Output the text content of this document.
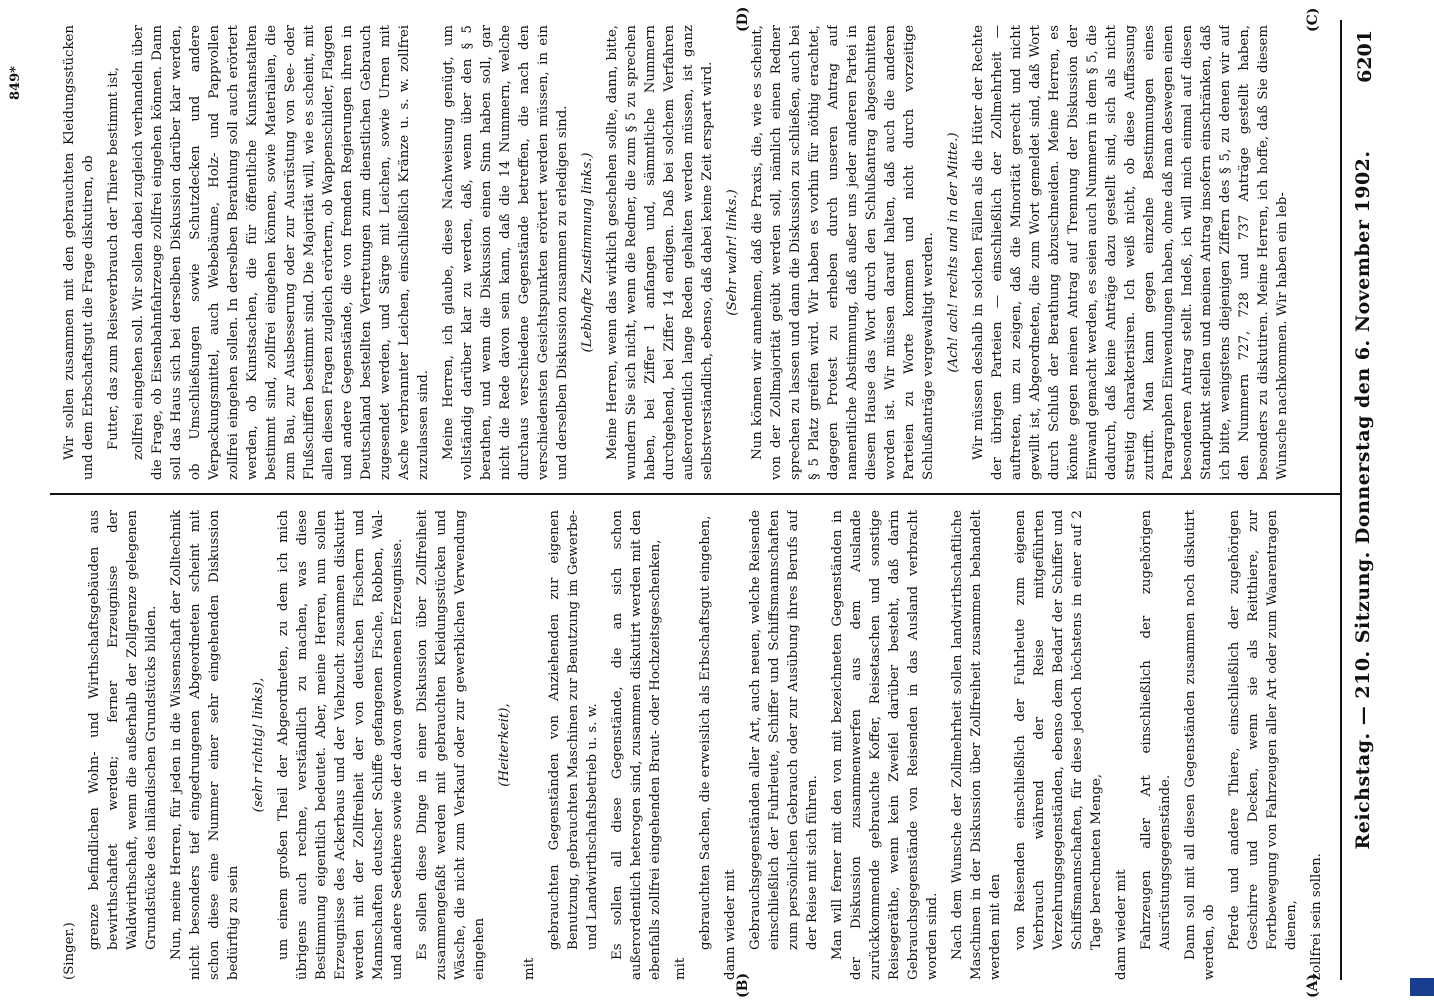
Reichstag. — 210. Sitzung. Donnerstag den 6. November 1902.
6201
(A)
(B)
(C)
(D)

(Singer.)

grenze befindlichen Wohn- und Wirthschaftsgebäuden aus bewirthschaftet werden; ferner Erzeugnisse der Waldwirthschaft, wenn die außerhalb der Zollgrenze gelegenen Grundstücke des inländischen Grundstücks bilden. Nun, meine Herren, für jeden in die Wissenschaft der Zolltechnik nicht besonders tief eingedrungenen Abgeordneten scheint mit schon diese eine Nummer einer sehr eingehenden Diskussion bedürftig zu sein

(sehr richtig! links), um einem großen Theil der Abgeordneten, zu dem ich mich übrigens auch rechne, verständlich zu machen, was diese Bestimmung eigentlich bedeutet. Aber, meine Herren, nun sollen Erzeugnisse des Ackerbaus und der Viehzucht zusammen diskutirt werden mit der Zollfreiheit der von deutschen Fischern und Mannschaften deutscher Schiffe gefangenen Fische, Robben, Wal- und andere Seethiere sowie der davon gewonnenen Erzeugnisse. Es sollen diese Dinge in einer Diskussion über Zollfreiheit zusammengefaßt werden mit gebrauchten Kleidungsstücken und Wäsche, die nicht zum Verkauf oder zur gewerblichen Verwendung eingehen

(Heiterkeit),

mit

gebrauchten Gegenständen von Anziehenden zur eigenen Benutzung, gebrauchten Maschinen zur Benutzung im Gewerbe- und Landwirthschaftsbetrieb u. s. w. Es sollen all diese Gegenstände, die an sich schon außerordentlich heterogen sind, zusammen diskutirt werden mit den ebenfalls zollfrei eingehenden Braut- oder Hochzeitsgeschenken, mit

gebrauchten Sachen, die erweislich als Erbschaftsgut eingehen, dann wieder mit Gebrauchsgegenständen aller Art, auch neuen, welche Reisende einschließlich der Fuhrleute, Schiffer und Schiffsmannschaften zum persönlichen Gebrauch oder zur Ausübung ihres Berufs auf der Reise mit sich führen. Man will ferner mit den von mit bezeichneten Gegenständen in der Diskussion zusammenwerfen aus dem Auslande zurückkommende gebrauchte Koffer, Reisetaschen und sonstige Reisegeräthe, wenn kein Zweifel darüber besteht, daß darin Gebrauchsgegenstände von Reisenden in das Ausland verbracht worden sind. Nach dem Wunsche der Zollmehrheit sollen landwirthschaftliche Maschinen in der Diskussion über Zollfreiheit zusammen behandelt werden mit den von Reisenden einschließlich der Fuhrleute zum eigenen Verbrauch während der Reise mitgeführten Verzehrungsgegenständen, ebenso dem Bedarf der Schiffer und Schiffsmannschaften, für diese jedoch höchstens in einer auf 2 Tage berechneten Menge, dann wieder mit Fahrzeugen aller Art einschließlich der zugehörigen Ausrüstungsgegenstände. Dann soll mit all diesen Gegenständen zusammen noch diskutirt werden, ob Pferde und andere Thiere, einschließlich der zugehörigen Geschirre und Decken, wenn sie als Reitthiere, zur Fortbewegung von Fahrzeugen aller Art oder zum Waarentragen dienen, zollfrei sein sollen.

Wir sollen zusammen mit den gebrauchten Kleidungsstücken und dem Erbschaftsgut die Frage diskutiren, ob Futter, das zum Reiseverbrauch der Thiere bestimmt ist, zollfrei eingehen soll. Wir sollen dabei zugleich verhandeln über die Frage, ob Eisenbahnfahrzeuge zollfrei eingehen können. Dann soll das Haus sich bei derselben Diskussion darüber klar werden, ob Umschließungen sowie Schutzdecken und andere Verpackungsmittel, auch Webebäume, Holz- und Pappvollen zollfrei eingehen sollen. In derselben Berathung soll auch erörtert werden, ob Kunstsachen, die für öffentliche Kunstanstalten bestimmt sind, zollfrei eingehen können, sowie Materialien, die zum Bau, zur Ausbesserung oder zur Ausrüstung von See- oder Flußschiffen bestimmt sind. Die Majorität will, wie es scheint, mit allen diesen Fragen zugleich erörtern, ob Wappenschilder, Flaggen und andere Gegenstände, die von fremden Regierungen ihren in Deutschland bestellten Vertretungen zum dienstlichen Gebrauch zugesendet werden, und Särge mit Leichen, sowie Urnen mit Asche verbrannter Leichen, einschließlich Kränze u. s. w. zollfrei zuzulassen sind. Meine Herren, ich glaube, diese Nachweisung genügt, um vollständig darüber klar zu werden, daß, wenn über den § 5 berathen, und wenn die Diskussion einen Sinn haben soll, gar nicht die Rede davon sein kann, daß die 14 Nummern, welche durchaus verschiedene Gegenstände betreffen, die nach den verschiedensten Gesichtspunkten erörtert werden müssen, in ein und derselben Diskussion zusammen zu erledigen sind. (Lebhafte Zustimmung links.) Meine Herren, wenn das wirklich geschehen sollte, dann, bitte, wundern Sie sich nicht, wenn die Redner, die zum § 5 zu sprechen haben, bei Ziffer 1 anfangen und, sämmtliche Nummern durchgehend, bei Ziffer 14 endigen. Daß bei solchem Verfahren außerordentlich lange Reden gehalten werden müssen, ist ganz selbstverständlich, ebenso, daß dabei keine Zeit erspart wird. (Sehr wahr! links.) Nun können wir annehmen, daß die Praxis, die, wie es scheint, von der Zollmajorität geübt werden soll, nämlich einen Redner sprechen zu lassen und dann die Diskussion zu schließen, auch bei § 5 Platz greifen wird. Wir haben es vorhin für nöthig erachtet, dagegen Protest zu erheben durch unseren Antrag auf namentliche Abstimmung, daß außer uns jeder anderen Partei in diesem Hause das Wort durch den Schlußantrag abgeschnitten worden ist. Wir müssen darauf halten, daß auch die anderen Parteien zu Worte kommen und nicht durch vorzeitige Schlußanträge vergewaltigt werden. (Ach! ach! rechts und in der Mitte.) Wir müssen deshalb in solchen Fällen als die Hüter der Rechte der übrigen Parteien — einschließlich der Zollmehrheit — auftreten, um zu zeigen, daß die Minorität gerecht und nicht gewillt ist, Abgeordneten, die zum Wort gemeldet sind, daß Wort durch Schluß der Berathung abzuschneiden. Meine Herren, es könnte gegen meinen Antrag auf Trennung der Diskussion der Einwand gemacht werden, es seien auch Nummern in dem § 5, die dadurch, daß keine Anträge dazu gestellt sind, sich als nicht streitig charakterisiren. Ich weiß nicht, ob diese Auffassung zutrifft. Man kann gegen einzelne Bestimmungen eines Paragraphen Einwendungen haben, ohne daß man deswegen einen besonderen Antrag stellt. Indeß, ich will mich einmal auf diesen Standpunkt stellen und meinen Antrag insofern einschränken, daß ich bitte, wenigstens diejenigen Ziffern des § 5, zu denen wir auf den Nummern 727, 728 und 737 Anträge gestellt haben, besonders zu diskutiren. Meine Herren, ich hoffe, daß Sie diesem Wunsche nachkommen. Wir haben ein leb-

849*
